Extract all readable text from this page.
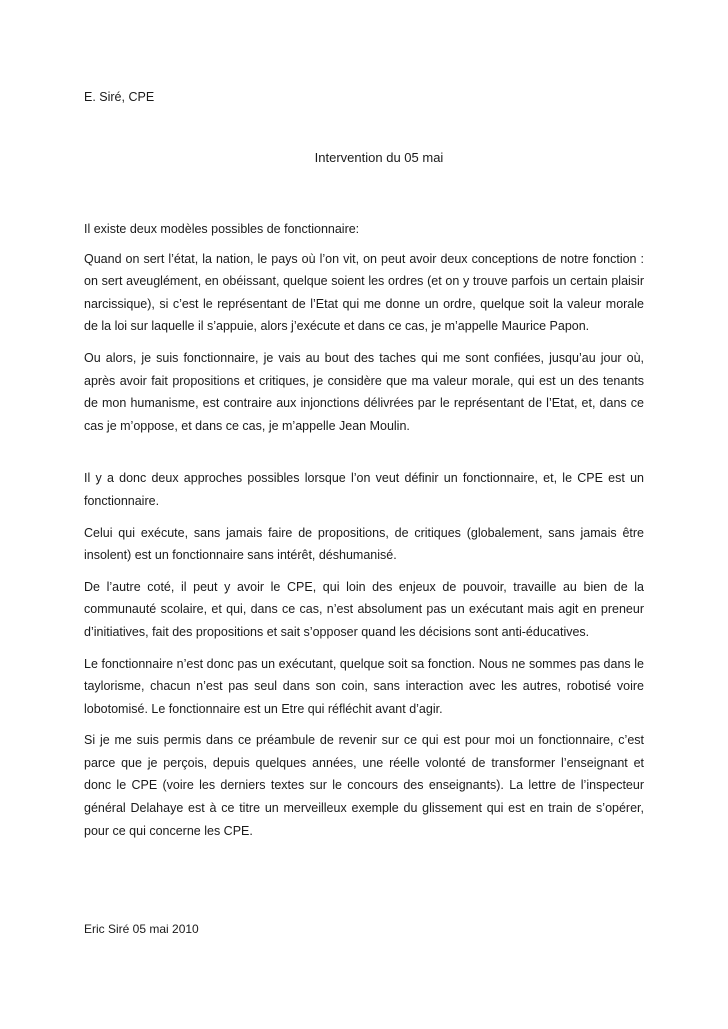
E. Siré, CPE
Intervention du 05 mai

Il existe deux modèles possibles de fonctionnaire:

Quand on sert l’état, la nation, le pays où l’on vit, on peut avoir deux conceptions de notre fonction : on sert aveuglément, en obéissant, quelque soient les ordres (et on y trouve parfois un certain plaisir narcissique), si c’est le représentant de l’Etat qui me donne un ordre, quelque soit la valeur morale de la loi sur laquelle il s’appuie, alors j’exécute et dans ce cas, je m’appelle Maurice Papon.

Ou alors, je suis fonctionnaire, je vais au bout des taches qui me sont confiées, jusqu’au jour où, après avoir fait propositions et critiques, je considère que ma valeur morale, qui est un des tenants de mon humanisme, est contraire aux injonctions délivrées par le représentant de l’Etat, et, dans ce cas je m’oppose, et dans ce cas, je m’appelle Jean Moulin.

Il y a donc deux approches possibles lorsque l’on veut définir un fonctionnaire, et, le CPE est un fonctionnaire.

Celui qui exécute, sans jamais faire de propositions, de critiques (globalement, sans jamais être insolent) est un fonctionnaire sans intérêt, déshumanisé.

De l’autre coté, il peut y avoir le CPE, qui loin des enjeux de pouvoir, travaille au bien de la communauté scolaire, et qui, dans ce cas, n’est absolument pas un exécutant mais agit en preneur d’initiatives, fait des propositions et sait s’opposer quand les décisions sont anti-éducatives.

Le fonctionnaire n’est donc pas un exécutant, quelque soit sa fonction. Nous ne sommes pas dans le taylorisme, chacun n’est pas seul dans son coin, sans interaction avec les autres, robotisé voire lobotomisé. Le fonctionnaire est un Etre qui réfléchit avant d’agir.

Si je me suis permis dans ce préambule de revenir sur ce qui est pour moi un fonctionnaire, c’est parce que je perçois, depuis quelques années, une réelle volonté de transformer l’enseignant et donc le CPE (voire les derniers textes sur le concours des enseignants). La lettre de l’inspecteur général Delahaye est à ce titre un merveilleux exemple du glissement qui est en train de s’opérer, pour ce qui concerne les CPE.

Eric Siré 05 mai 2010
